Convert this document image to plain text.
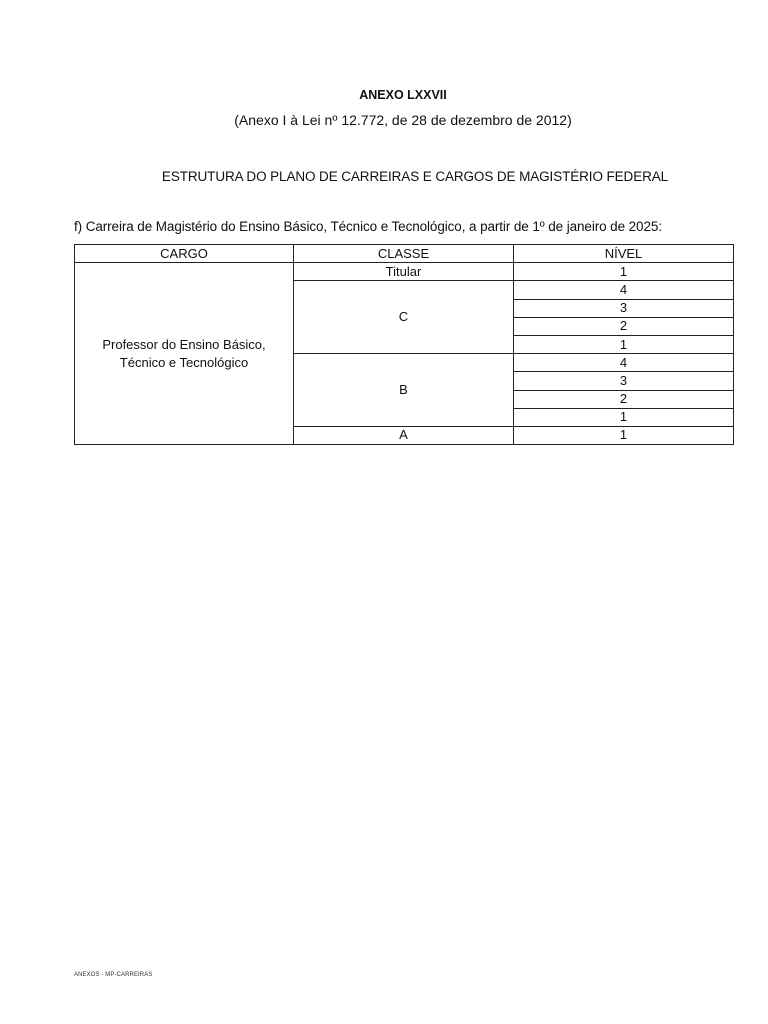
ANEXO LXXVII
(Anexo I à Lei nº 12.772, de 28 de dezembro de 2012)
ESTRUTURA DO PLANO DE CARREIRAS E CARGOS DE MAGISTÉRIO FEDERAL
f) Carreira de Magistério do Ensino Básico, Técnico e Tecnológico, a partir de 1º de janeiro de 2025:
CARGO	CLASSE	NÍVEL
Professor do Ensino Básico,
Técnico e Tecnológico	Titular	1
	C	4
		3
		2
		1
	B	4
		3
		2
		1
	A	1
ANEXOS - MP-CARREIRAS
